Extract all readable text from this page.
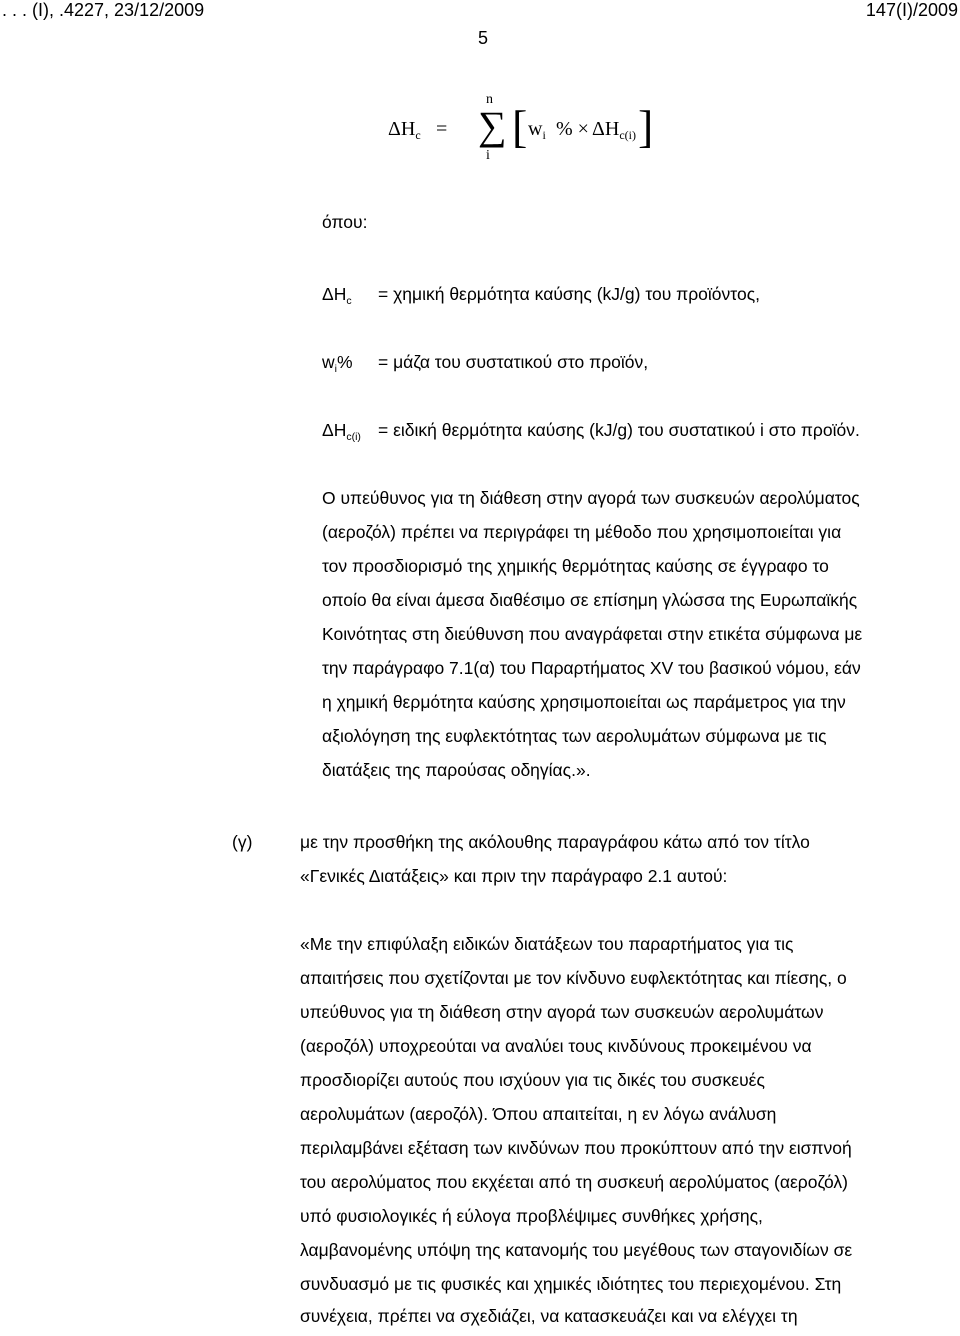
. . . (Ι), .4227, 23/12/2009	147(Ι)/2009
5
$\Delta H_c$ =
n
∑
i
[ $w_i$ % × $\Delta H_{c(i)}$ ]
όπου:
$\Delta H_c = \chi\eta\mu\iota\kappa ή$ θερμότητα καύσης (kJ/g) του προϊόντος,
$w_i\% = \mu ά\zeta\alpha$ του συστατικού στο προϊόν,
$\Delta H_{c(i)} = \varepsilon\iota\delta\iota\kappa ή$ θερμότητα καύσης (kJ/g) του συστατικού i στο προϊόν.
Ο υπεύθυνος για τη διάθεση στην αγορά των συσκευών αερολύματος
(αεροζόλ) πρέπει να περιγράφει τη μέθοδο που χρησιμοποιείται για
τον προσδιορισμό της χημικής θερμότητας καύσης σε έγγραφο το
οποίο θα είναι άμεσα διαθέσιμο σε επίσημη γλώσσα της Ευρωπαϊκής
Κοινότητας στη διεύθυνση που αναγράφεται στην ετικέτα σύμφωνα με
την παράγραφο 7.1(α) του Παραρτήματος XV του βασικού νόμου, εάν
η χημική θερμότητα καύσης χρησιμοποιείται ως παράμετρος για την
αξιολόγηση της ευφλεκτότητας των αερολυμάτων σύμφωνα με τις
διατάξεις της παρούσας οδηγίας.».
(γ)	με την προσθήκη της ακόλουθης παραγράφου κάτω από τον τίτλο
«Γενικές Διατάξεις» και πριν την παράγραφο 2.1 αυτού:
«Με την επιφύλαξη ειδικών διατάξεων του παραρτήματος για τις
απαιτήσεις που σχετίζονται με τον κίνδυνο ευφλεκτότητας και πίεσης, ο
υπεύθυνος για τη διάθεση στην αγορά των συσκευών αερολυμάτων
(αεροζόλ) υποχρεούται να αναλύει τους κινδύνους προκειμένου να
προσδιορίζει αυτούς που ισχύουν για τις δικές του συσκευές
αερολυμάτων (αεροζόλ). Όπου απαιτείται, η εν λόγω ανάλυση
περιλαμβάνει εξέταση των κινδύνων που προκύπτουν από την εισπνοή
του αερολύματος που εκχέεται από τη συσκευή αερολύματος (αεροζόλ)
υπό φυσιολογικές ή εύλογα προβλέψιμες συνθήκες χρήσης,
λαμβανομένης υπόψη της κατανομής του μεγέθους των σταγονιδίων σε
συνδυασμό με τις φυσικές και χημικές ιδιότητες του περιεχομένου. Στη
συνέχεια, πρέπει να σχεδιάζει, να κατασκευάζει και να ελέγχει τη
